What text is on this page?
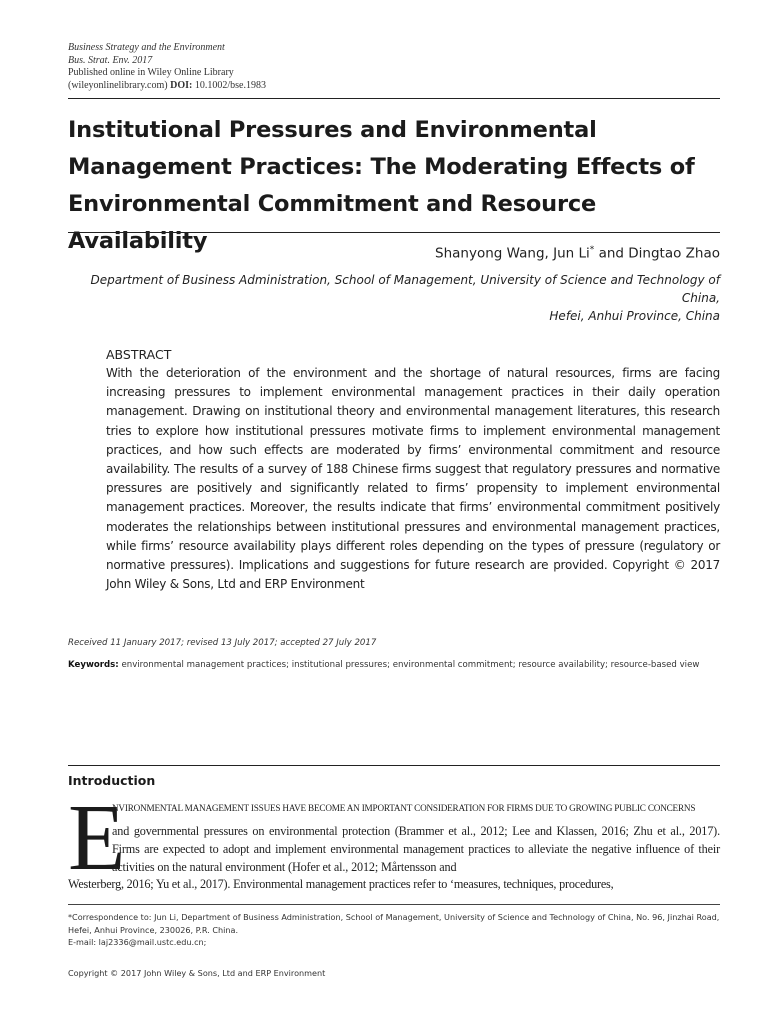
Business Strategy and the Environment
Bus. Strat. Env. 2017
Published online in Wiley Online Library
(wileyonlinelibrary.com) DOI: 10.1002/bse.1983
Institutional Pressures and Environmental
Management Practices: The Moderating Effects of
Environmental Commitment and Resource Availability	Shanyong Wang, Jun Li* and Dingtao Zhao
Department of Business Administration, School of Management, University of Science and Technology of China,
Hefei, Anhui Province, China
ABSTRACT
With the deterioration of the environment and the shortage of natural resources, firms are facing increasing pressures to implement environmental management practices in their daily operation management. Drawing on institutional theory and environmental management literatures, this research tries to explore how institutional pressures motivate firms to implement environmental management practices, and how such effects are moderated by firms’ environmental commitment and resource availability. The results of a survey of 188 Chinese firms suggest that regulatory pressures and normative pressures are positively and significantly related to firms’ propensity to implement environmental management practices. Moreover, the results indicate that firms’ environmental commitment positively moderates the relationships between institutional pressures and environmental management practices, while firms’ resource availability plays different roles depending on the types of pressure (regulatory or normative pressures). Implications and suggestions for future research are provided. Copyright © 2017 John Wiley & Sons, Ltd and ERP Environment
Received 11 January 2017; revised 13 July 2017; accepted 27 July 2017
Keywords: environmental management practices; institutional pressures; environmental commitment; resource availability; resource-based view
Introduction
E
NVIRONMENTAL MANAGEMENT ISSUES HAVE BECOME AN IMPORTANT CONSIDERATION FOR FIRMS DUE TO GROWING PUBLIC CONCERNS
and governmental pressures on environmental protection (Brammer et al., 2012; Lee and Klassen, 2016; Zhu et al., 2017). Firms are expected to adopt and implement environmental management practices to alleviate the negative influence of their activities on the natural environment (Hofer et al., 2012; Mårtensson and
Westerberg, 2016; Yu et al., 2017). Environmental management practices refer to ‘measures, techniques, procedures,
*Correspondence to: Jun Li, Department of Business Administration, School of Management, University of Science and Technology of China, No. 96, Jinzhai Road, Hefei, Anhui Province, 230026, P.R. China.
E-mail: laj2336@mail.ustc.edu.cn;
Copyright © 2017 John Wiley & Sons, Ltd and ERP Environment
